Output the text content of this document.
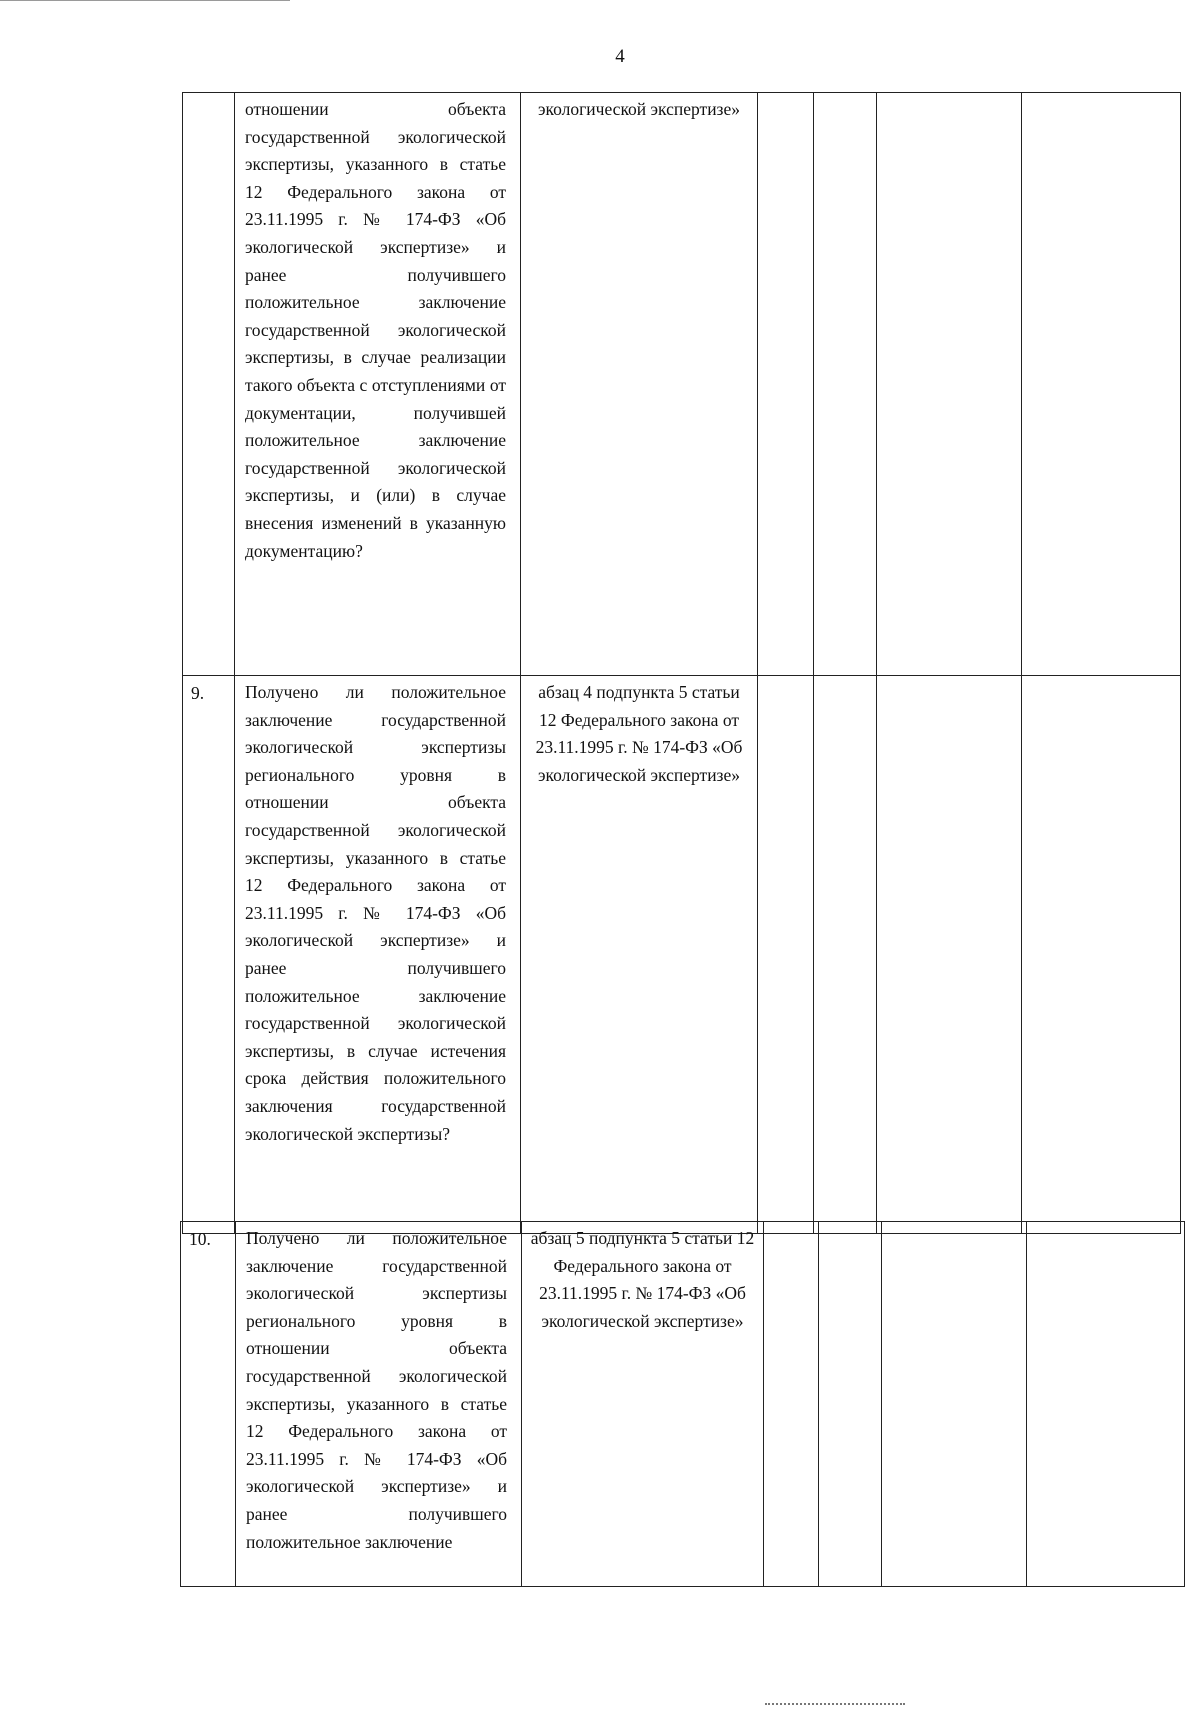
4
	отношении объекта государственной экологической экспертизы, указанного в статье 12 Федерального закона от 23.11.1995 г. № 174-ФЗ «Об экологической экспертизе» и ранее получившего положительное заключение государственной экологической экспертизы, в случае реализации такого объекта с отступлениями от документации, получившей положительное заключение государственной экологической экспертизы, и (или) в случае внесения изменений в указанную документацию?	экологической экспертизе»				
9.	Получено ли положительное заключение государственной экологической экспертизы регионального уровня в отношении объекта государственной экологической экспертизы, указанного в статье 12 Федерального закона от 23.11.1995 г. № 174-ФЗ «Об экологической экспертизе» и ранее получившего положительное заключение государственной экологической экспертизы, в случае истечения срока действия положительного заключения государственной экологической экспертизы?	абзац 4 подпункта 5 статьи 12 Федерального закона от 23.11.1995 г. № 174-ФЗ «Об экологической экспертизе»				
10.	Получено ли положительное заключение государственной экологической экспертизы регионального уровня в отношении объекта государственной экологической экспертизы, указанного в статье 12 Федерального закона от 23.11.1995 г. № 174-ФЗ «Об экологической экспертизе» и ранее получившего положительное заключение	абзац 5 подпункта 5 статьи 12 Федерального закона от 23.11.1995 г. № 174-ФЗ «Об экологической экспертизе»				
